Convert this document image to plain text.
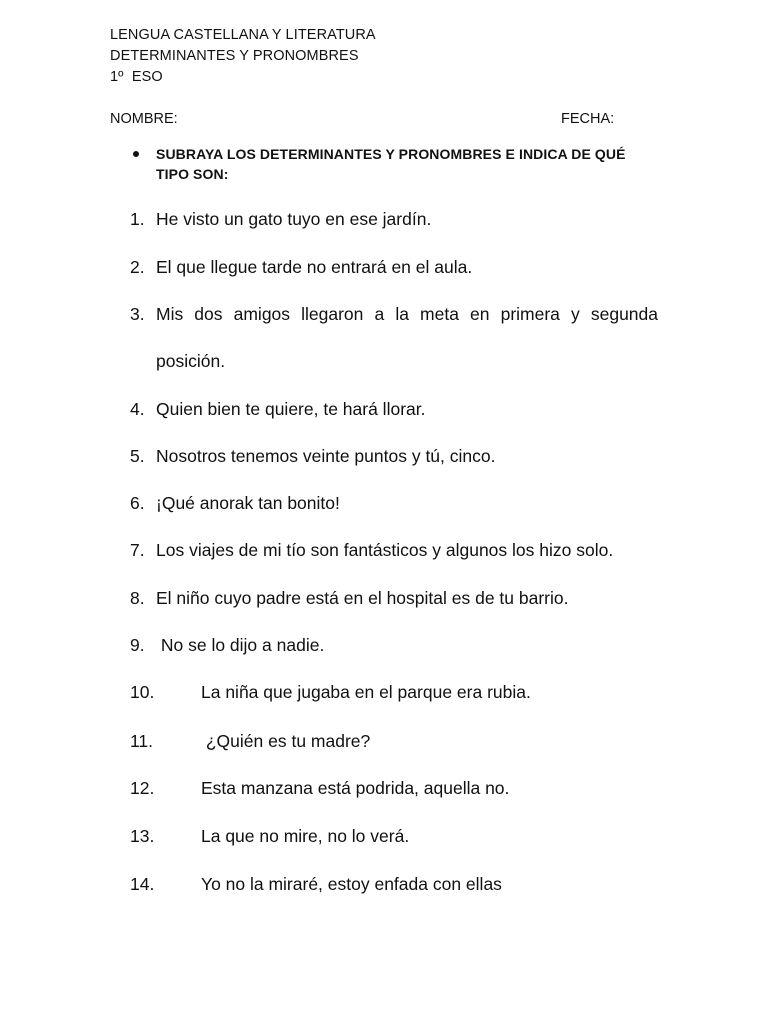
LENGUA CASTELLANA Y LITERATURA
DETERMINANTES Y PRONOMBRES
1º  ESO
NOMBRE:	FECHA:
SUBRAYA LOS DETERMINANTES Y PRONOMBRES E INDICA DE QUÉ TIPO SON:
1. He visto un gato tuyo en ese jardín.
2. El que llegue tarde no entrará en el aula.
3. Mis dos amigos llegaron a la meta en primera y segunda
posición.
4. Quien bien te quiere, te hará llorar.
5. Nosotros tenemos veinte puntos y tú, cinco.
6. ¡Qué anorak tan bonito!
7. Los viajes de mi tío son fantásticos y algunos los hizo solo.
8. El niño cuyo padre está en el hospital es de tu barrio.
9. No se lo dijo a nadie.
10.	La niña que jugaba en el parque era rubia.
11.	¿Quién es tu madre?
12.	Esta manzana está podrida, aquella no.
13.	La que no mire, no lo verá.
14.	Yo no la miraré, estoy enfada con ellas
